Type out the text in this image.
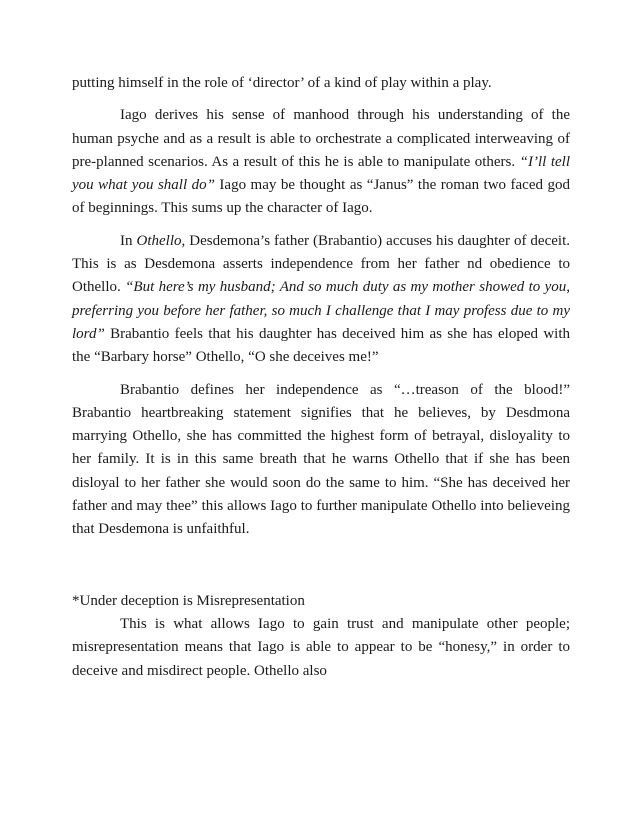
putting himself in the role of ‘director’ of a kind of play within a play.

Iago derives his sense of manhood through his understanding of the human psyche and as a result is able to orchestrate a complicated interweaving of pre-planned scenarios. As a result of this he is able to manipulate others. “I’ll tell you what you shall do” Iago may be thought as “Janus” the roman two faced god of beginnings. This sums up the character of Iago.

In Othello, Desdemona’s father (Brabantio) accuses his daughter of deceit. This is as Desdemona asserts independence from her father nd obedience to Othello. “But here’s my husband; And so much duty as my mother showed to you, preferring you before her father, so much I challenge that I may profess due to my lord” Brabantio feels that his daughter has deceived him as she has eloped with the “Barbary horse” Othello, “O she deceives me!”

Brabantio defines her independence as “…treason of the blood!” Brabantio heartbreaking statement signifies that he believes, by Desdmona marrying Othello, she has committed the highest form of betrayal, disloyality to her family. It is in this same breath that he warns Othello that if she has been disloyal to her father she would soon do the same to him. “She has deceived her father and may thee” this allows Iago to further manipulate Othello into believeing that Desdemona is unfaithful.

*Under deception is Misrepresentation

This is what allows Iago to gain trust and manipulate other people; misrepresentation means that Iago is able to appear to be “honesy,” in order to deceive and misdirect people. Othello also
